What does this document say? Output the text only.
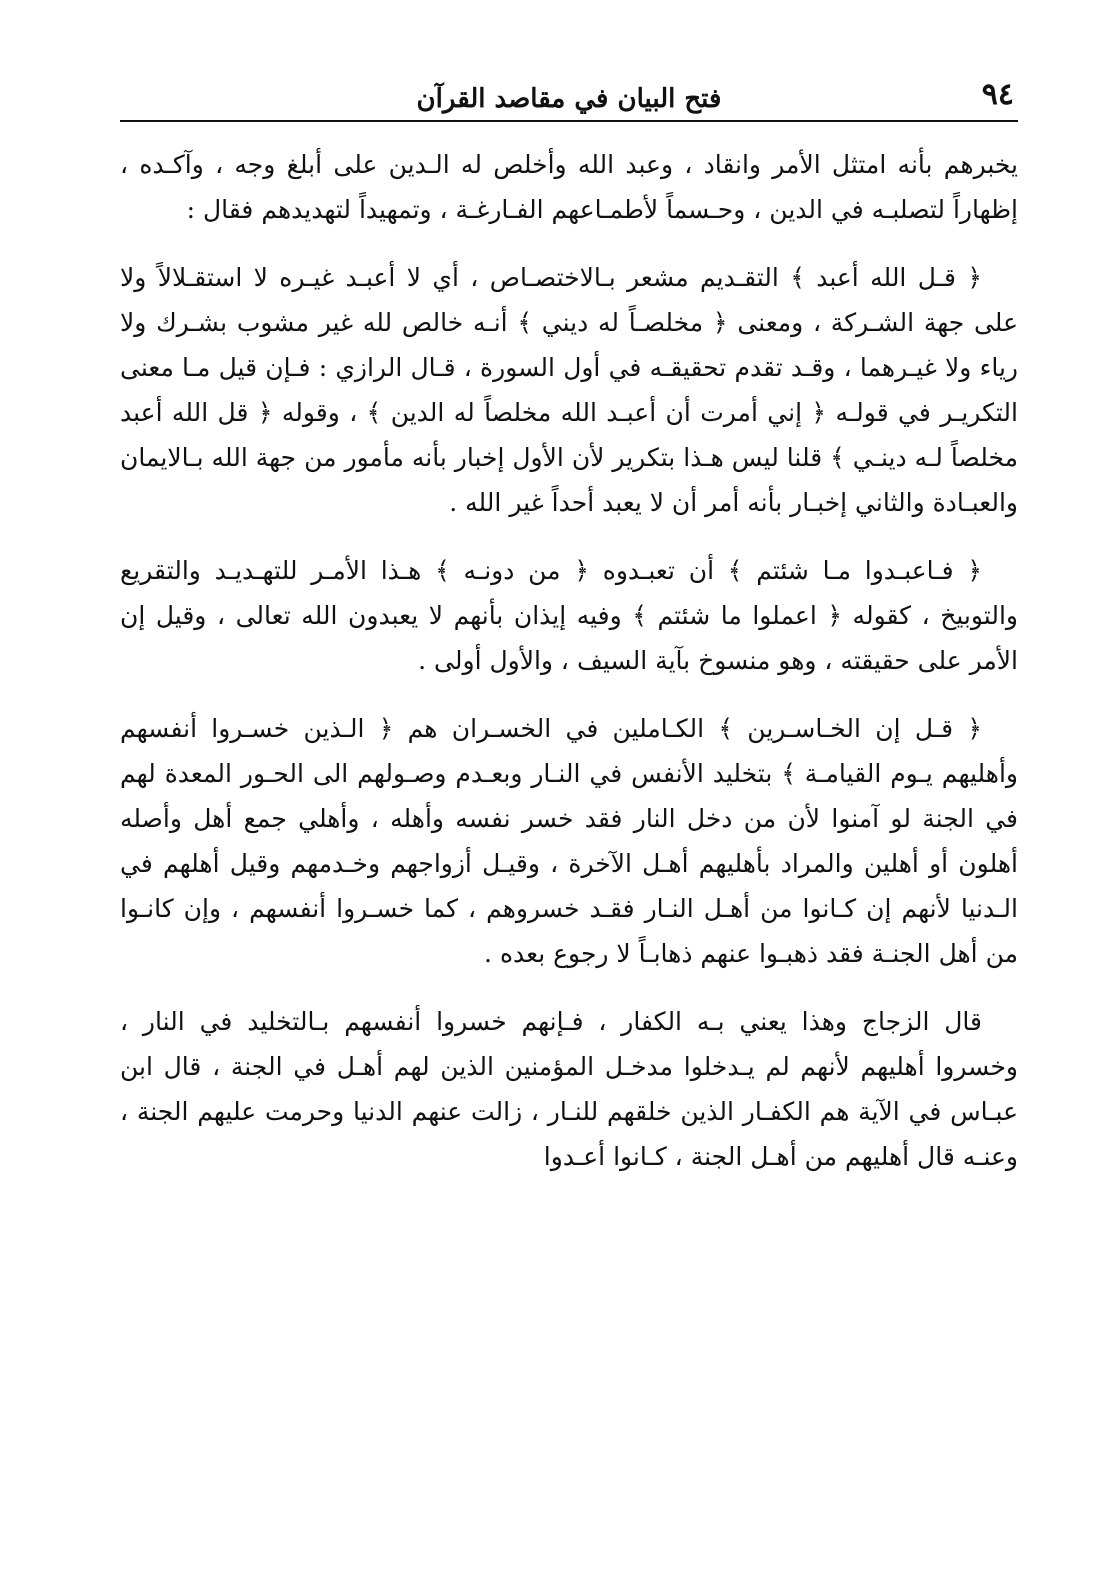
٩٤
فتح البيان في مقاصد القرآن

يخبرهم بأنه امتثل الأمر وانقاد ، وعبد الله وأخلص له الـدين على أبلغ وجه ، وآكـده ، إظهاراً لتصلبـه في الدين ، وحـسماً لأطمـاعهم الفـارغـة ، وتمهيداً لتهديدهم فقال :

﴿ قـل الله أعبد ﴾ التقـديم مشعر بـالاختصـاص ، أي لا أعبـد غيـره لا استقـلالاً ولا على جهة الشـركة ، ومعنى ﴿ مخلصـاً له ديني ﴾ أنـه خالص لله غير مشوب بشـرك ولا رياء ولا غيـرهما ، وقـد تقدم تحقيقـه في أول السورة ، قـال الرازي : فـإن قيل مـا معنى التكريـر في قولـه ﴿ إني أمرت أن أعبـد الله مخلصاً له الدين ﴾ ، وقوله ﴿ قل الله أعبد مخلصاً لـه دينـي ﴾ قلنا ليس هـذا بتكرير لأن الأول إخبار بأنه مأمور من جهة الله بـالايمان والعبـادة والثاني إخبـار بأنه أمر أن لا يعبد أحداً غير الله .

﴿ فـاعبـدوا مـا شئتم ﴾ أن تعبـدوه ﴿ من دونـه ﴾ هـذا الأمـر للتهـديـد والتقريع والتوبيخ ، كقوله ﴿ اعملوا ما شئتم ﴾ وفيه إيذان بأنهم لا يعبدون الله تعالى ، وقيل إن الأمر على حقيقته ، وهو منسوخ بآية السيف ، والأول أولى .

﴿ قـل إن الخـاسـرين ﴾ الكـاملين في الخسـران هم ﴿ الـذين خسـروا أنفسهم وأهليهم يـوم القيامـة ﴾ بتخليد الأنفس في النـار وبعـدم وصـولهم الى الحـور المعدة لهم في الجنة لو آمنوا لأن من دخل النار فقد خسر نفسه وأهله ، وأهلي جمع أهل وأصله أهلون أو أهلين والمراد بأهليهم أهـل الآخرة ، وقيـل أزواجهم وخـدمهم وقيل أهلهم في الـدنيا لأنهم إن كـانوا من أهـل النـار فقـد خسروهم ، كما خسـروا أنفسهم ، وإن كانـوا من أهل الجنـة فقد ذهبـوا عنهم ذهابـاً لا رجوع بعده .

قال الزجاج وهذا يعني بـه الكفار ، فـإنهم خسروا أنفسهم بـالتخليد في النار ، وخسروا أهليهم لأنهم لم يـدخلوا مدخـل المؤمنين الذين لهم أهـل في الجنة ، قال ابن عبـاس في الآية هم الكفـار الذين خلقهم للنـار ، زالت عنهم الدنيا وحرمت عليهم الجنة ، وعنـه قال أهليهم من أهـل الجنة ، كـانوا أعـدوا
